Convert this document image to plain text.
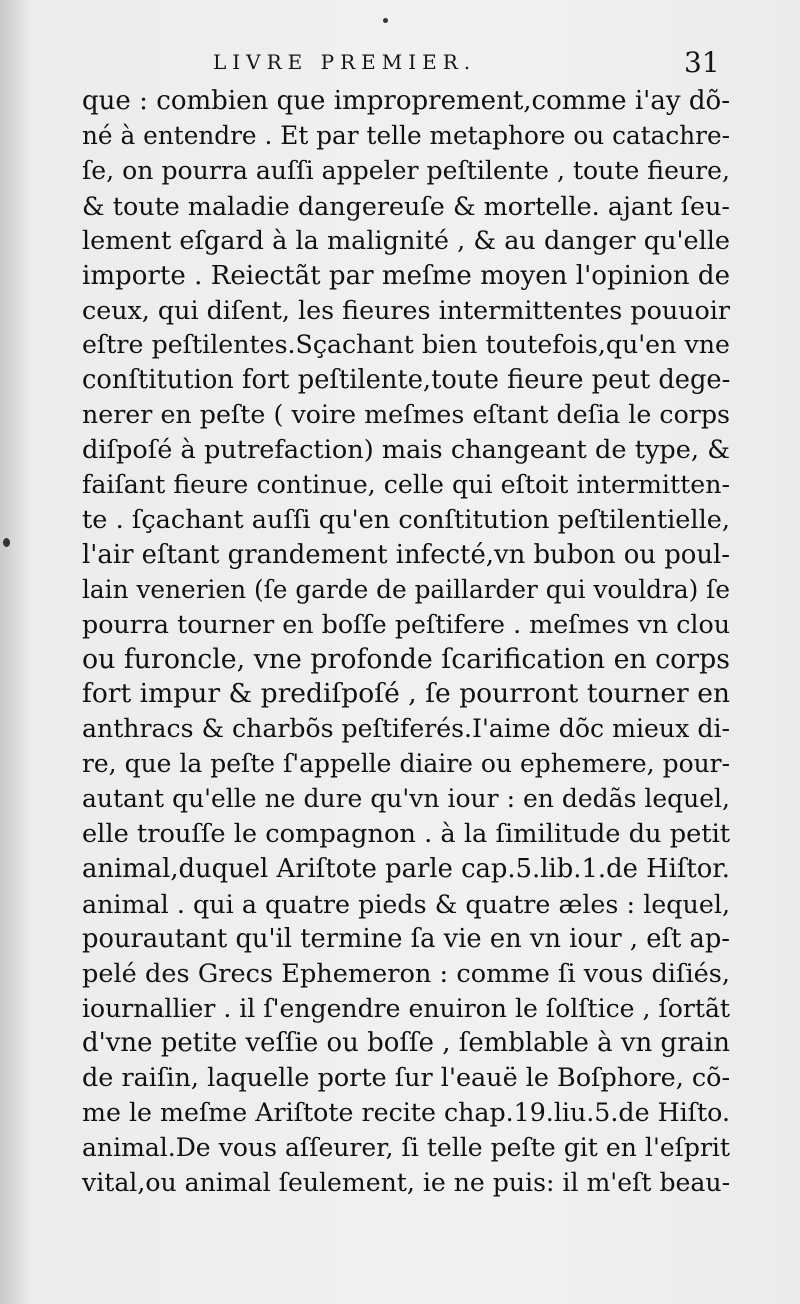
LIVRE PREMIER.	31
que : combien que improprement,comme i'ay dõ-
né à entendre . Et par telle metaphore ou catachre-
ſe, on pourra auſſi appeler peſtilente , toute fieure,
& toute maladie dangereuſe & mortelle. ajant ſeu-
lement eſgard à la malignité , & au danger qu'elle
importe . Reiectãt par meſme moyen l'opinion de
ceux, qui diſent, les fieures intermittentes pouuoir
eſtre peſtilentes.Sçachant bien toutefois,qu'en vne
conſtitution fort peſtilente,toute fieure peut dege-
nerer en peſte ( voire meſmes eſtant deſia le corps
diſpoſé à putrefaction) mais changeant de type, &
faiſant fieure continue, celle qui eſtoit intermitten-
te . ſçachant auſſi qu'en conſtitution peſtilentielle,
l'air eſtant grandement infecté,vn bubon ou poul-
lain venerien (ſe garde de paillarder qui vouldra) ſe
pourra tourner en boſſe peſtifere . meſmes vn clou
ou furoncle, vne profonde ſcarification en corps
fort impur & prediſpoſé , ſe pourront tourner en
anthracs & charbõs peſtiferés.I'aime dõc mieux di-
re, que la peſte ſ'appelle diaire ou ephemere, pour-
autant qu'elle ne dure qu'vn iour : en dedãs lequel,
elle trouſſe le compagnon . à la ſimilitude du petit
animal,duquel Ariſtote parle cap.5.lib.1.de Hiſtor.
animal . qui a quatre pieds & quatre æles : lequel,
pourautant qu'il termine ſa vie en vn iour , eſt ap-
pelé des Grecs Ephemeron : comme ſi vous diſiés,
iournallier . il ſ'engendre enuiron le ſolſtice , ſortãt
d'vne petite veſſie ou boſſe , ſemblable à vn grain
de raiſin, laquelle porte ſur l'eauë le Boſphore, cõ-
me le meſme Ariſtote recite chap.19.liu.5.de Hiſto.
animal.De vous aſſeurer, ſi telle peſte git en l'eſprit
vital,ou animal ſeulement, ie ne puis: il m'eſt beau-
